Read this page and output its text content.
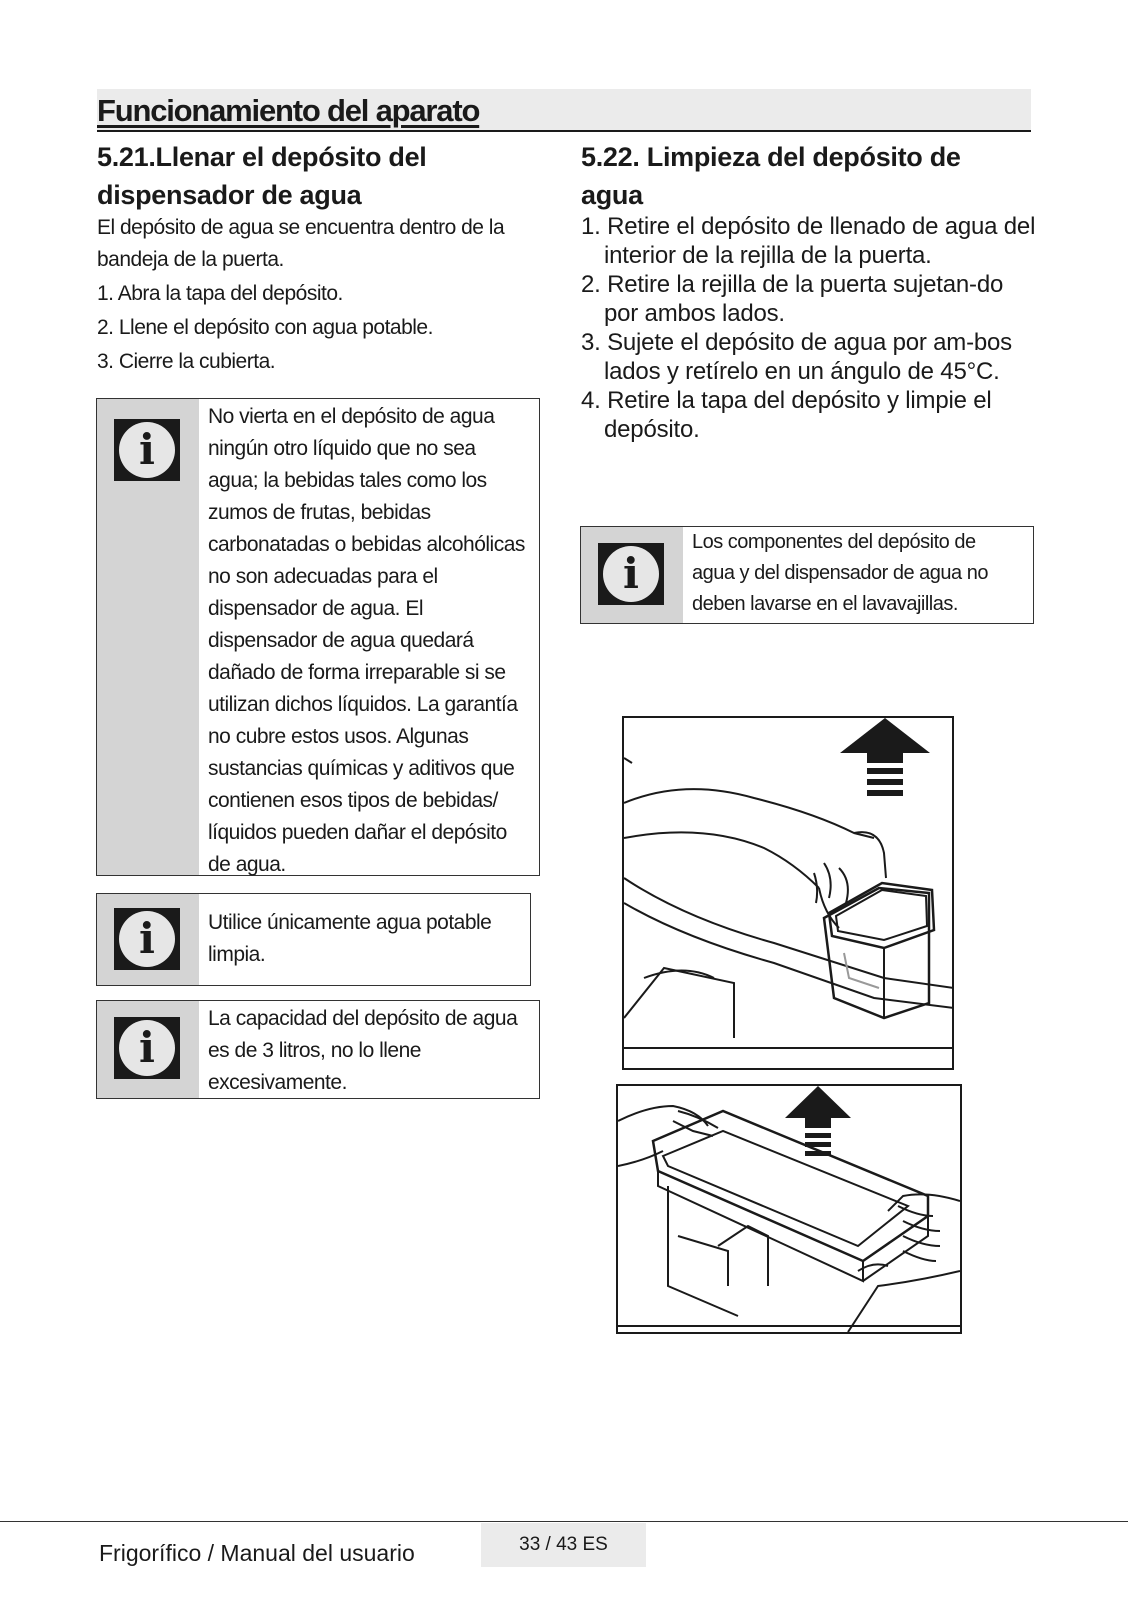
Funcionamiento del aparato
5.21.Llenar el depósito del dispensador de agua

El depósito de agua se encuentra dentro de la bandeja de la puerta.

1. Abra la tapa del depósito.
2. Llene el depósito con agua potable.
3. Cierre la cubierta.
i
No vierta en el depósito de agua ningún otro líquido que no sea agua; la bebidas tales como los zumos de frutas, bebidas carbonatadas o bebidas alcohólicas no son adecuadas para el dispensador de agua. El dispensador de agua quedará dañado de forma irreparable si se utilizan dichos líquidos. La garantía no cubre estos usos. Algunas sustancias químicas y aditivos que contienen esos tipos de bebidas/ líquidos pueden dañar el depósito de agua.
i	Utilice únicamente agua potable limpia.
i
La capacidad del depósito de agua es de 3 litros, no lo llene excesivamente.
5.22. Limpieza del depósito de agua
1. Retire el depósito de llenado de agua del interior de la rejilla de la puerta.
2. Retire la rejilla de la puerta sujetan-do por ambos lados.
3. Sujete el depósito de agua por am-bos lados y retírelo en un ángulo de 45°C.
4. Retire la tapa del depósito y limpie el depósito.
i
Los componentes del depósito de agua y del dispensador de agua no deben lavarse en el lavavajillas.
Frigorífico / Manual del usuario	33 / 43 ES
